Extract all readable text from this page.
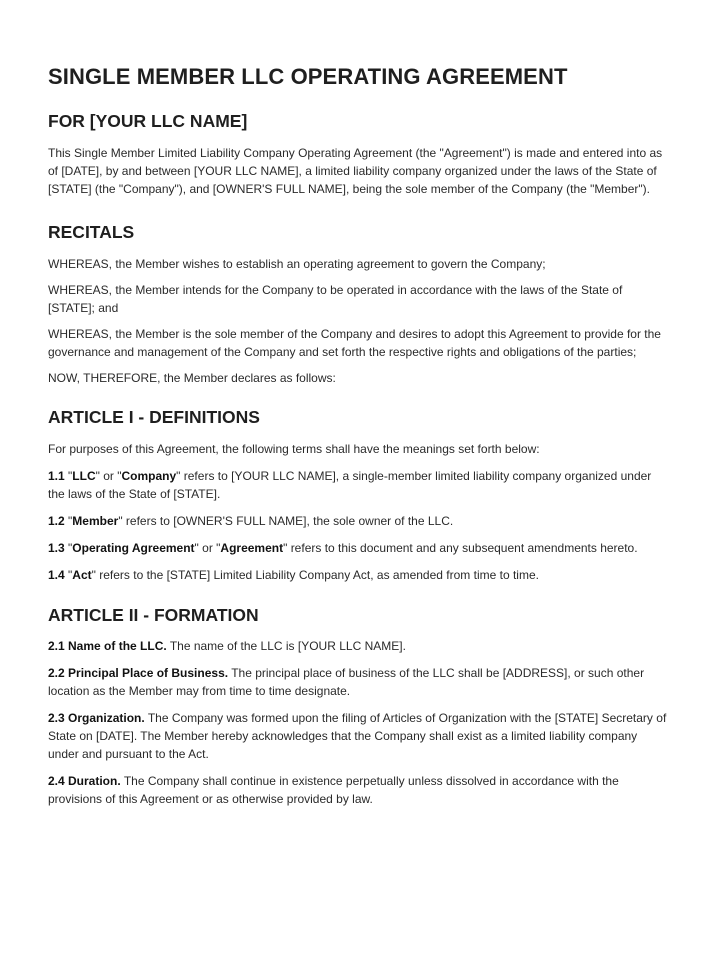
SINGLE MEMBER LLC OPERATING AGREEMENT
FOR [YOUR LLC NAME]

This Single Member Limited Liability Company Operating Agreement (the "Agreement") is made and entered into as of [DATE], by and between [YOUR LLC NAME], a limited liability company organized under the laws of the State of [STATE] (the "Company"), and [OWNER'S FULL NAME], being the sole member of the Company (the "Member").

RECITALS

WHEREAS, the Member wishes to establish an operating agreement to govern the Company;

WHEREAS, the Member intends for the Company to be operated in accordance with the laws of the State of [STATE]; and

WHEREAS, the Member is the sole member of the Company and desires to adopt this Agreement to provide for the governance and management of the Company and set forth the respective rights and obligations of the parties;

NOW, THEREFORE, the Member declares as follows:

ARTICLE I - DEFINITIONS

For purposes of this Agreement, the following terms shall have the meanings set forth below:

1.1 "LLC" or "Company" refers to [YOUR LLC NAME], a single-member limited liability company organized under the laws of the State of [STATE].

1.2 "Member" refers to [OWNER'S FULL NAME], the sole owner of the LLC.

1.3 "Operating Agreement" or "Agreement" refers to this document and any subsequent amendments hereto.

1.4 "Act" refers to the [STATE] Limited Liability Company Act, as amended from time to time.

ARTICLE II - FORMATION

2.1 Name of the LLC. The name of the LLC is [YOUR LLC NAME].

2.2 Principal Place of Business. The principal place of business of the LLC shall be [ADDRESS], or such other location as the Member may from time to time designate.

2.3 Organization. The Company was formed upon the filing of Articles of Organization with the [STATE] Secretary of State on [DATE]. The Member hereby acknowledges that the Company shall exist as a limited liability company under and pursuant to the Act.

2.4 Duration. The Company shall continue in existence perpetually unless dissolved in accordance with the provisions of this Agreement or as otherwise provided by law.
